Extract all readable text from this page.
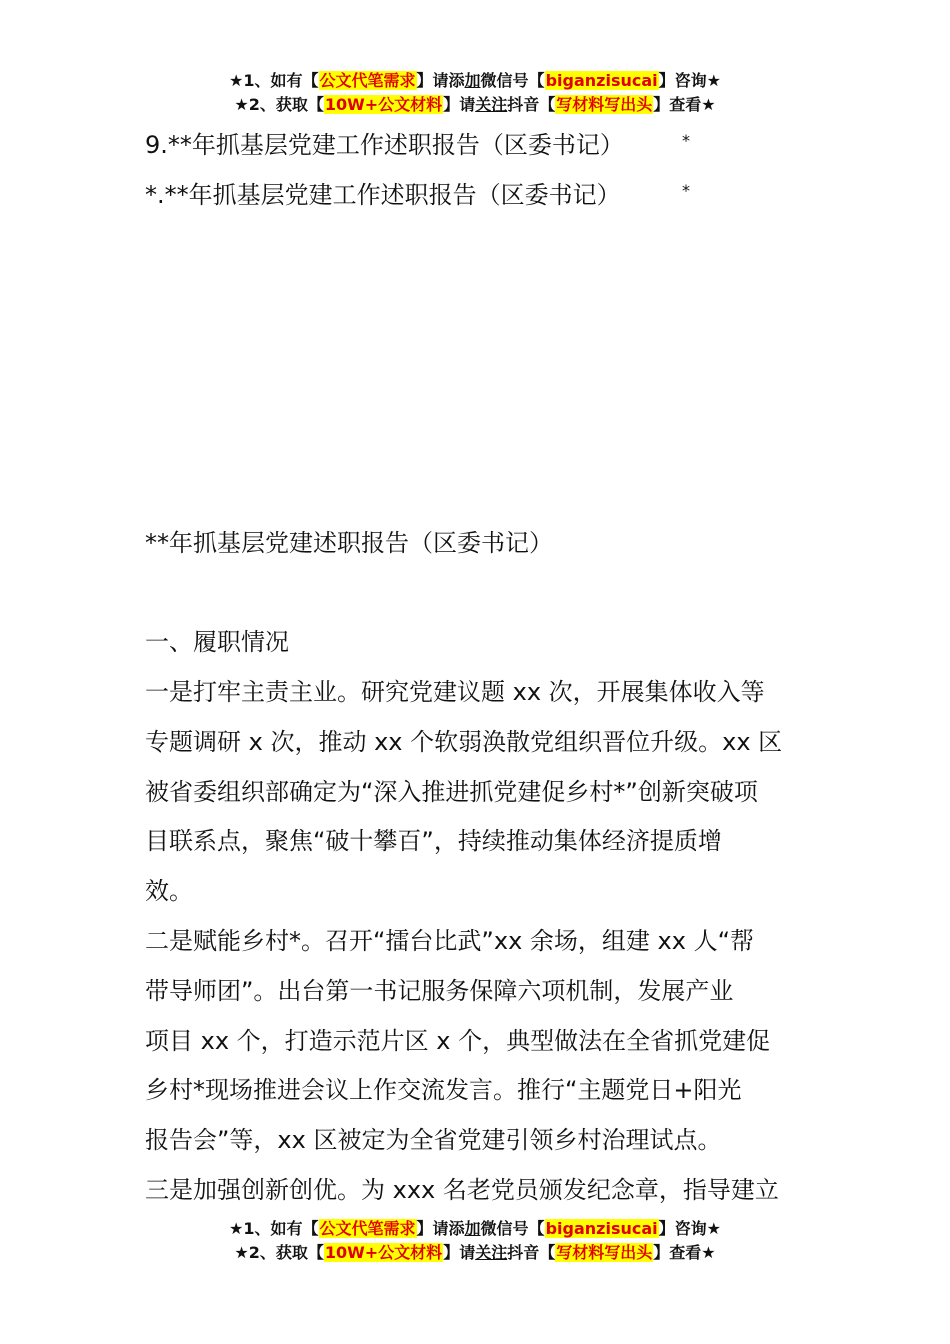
★1、如有【公文代笔需求】请添加微信号【biganzisucai】咨询★
★2、获取【10W+公文材料】请关注抖音【写材料写出头】查看★
9.**年抓基层党建工作述职报告（区委书记）	*
*.**年抓基层党建工作述职报告（区委书记）	*
**年抓基层党建述职报告（区委书记）
一、履职情况
一是打牢主责主业。研究党建议题 xx 次，开展集体收入等
专题调研 x 次，推动 xx 个软弱涣散党组织晋位升级。xx 区
被省委组织部确定为“深入推进抓党建促乡村*”创新突破项
目联系点，聚焦“破十攀百”，持续推动集体经济提质增
效。
二是赋能乡村*。召开“擂台比武”xx 余场，组建 xx 人“帮
带导师团”。出台第一书记服务保障六项机制，发展产业
项目 xx 个，打造示范片区 x 个，典型做法在全省抓党建促
乡村*现场推进会议上作交流发言。推行“主题党日+阳光
报告会”等，xx 区被定为全省党建引领乡村治理试点。
三是加强创新创优。为 xxx 名老党员颁发纪念章，指导建立
★1、如有【公文代笔需求】请添加微信号【biganzisucai】咨询★
★2、获取【10W+公文材料】请关注抖音【写材料写出头】查看★
